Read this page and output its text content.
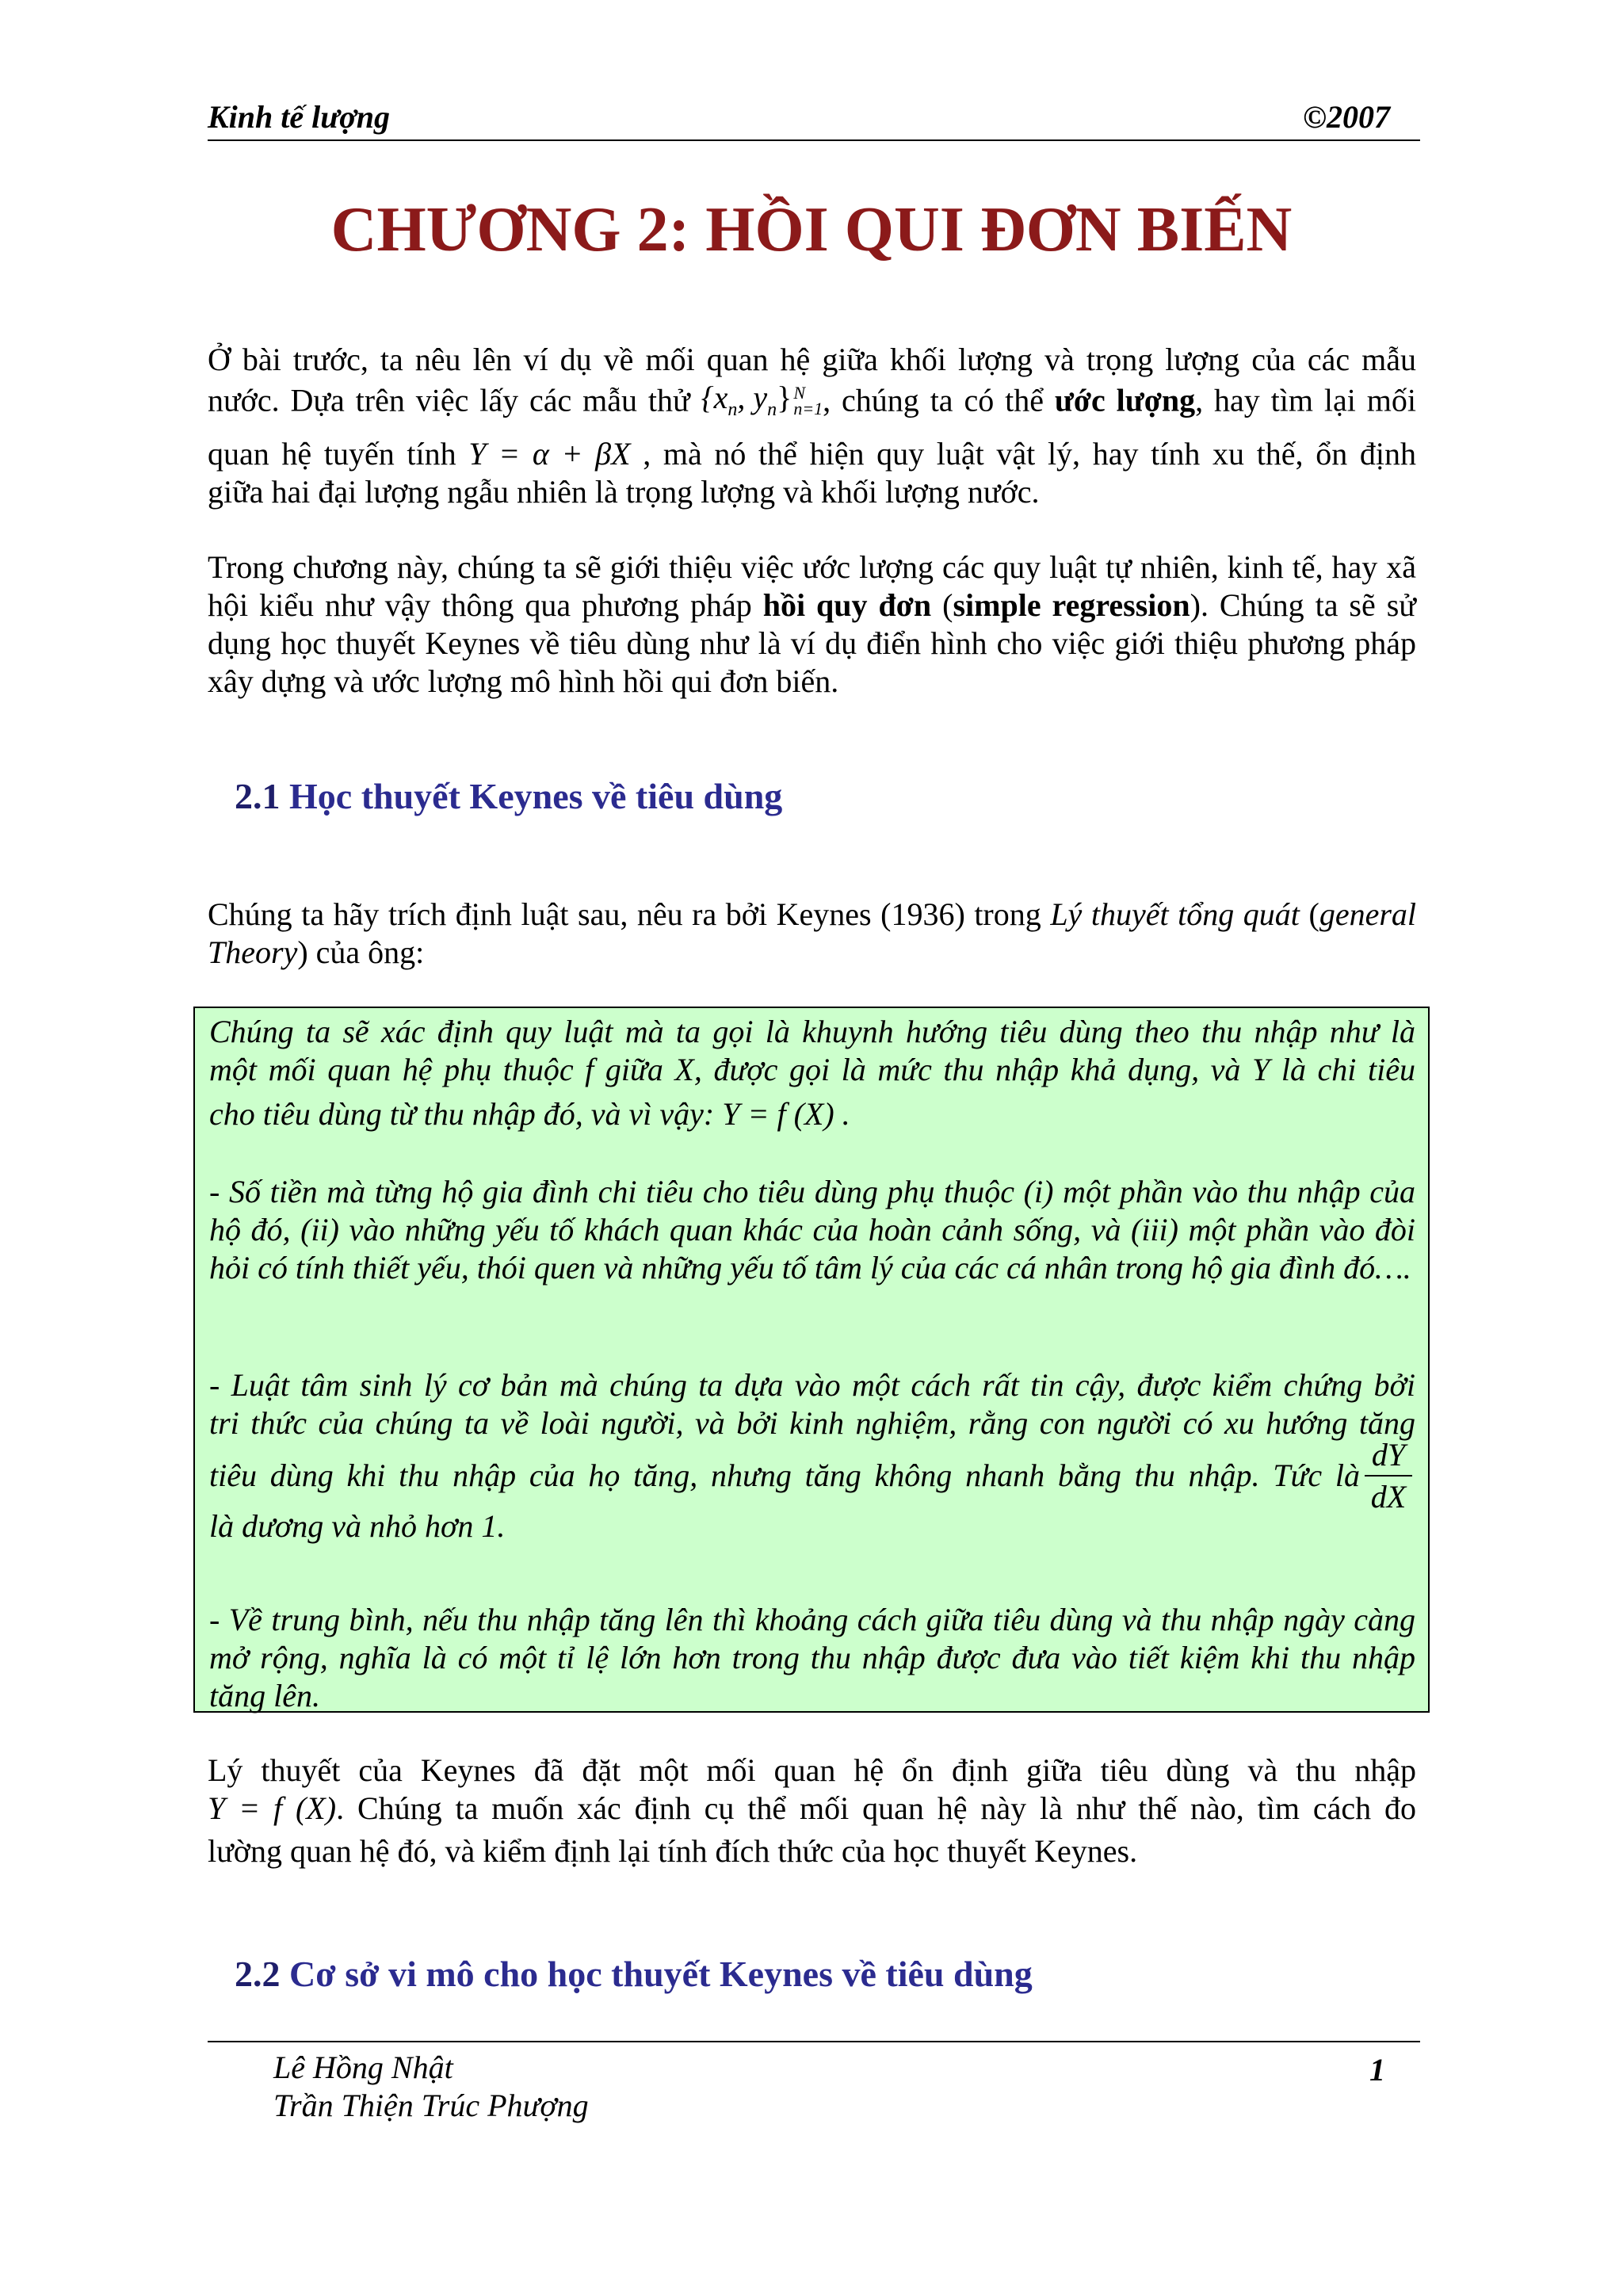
Kinh tế lượng	©2007
CHƯƠNG 2: HỒI QUI ĐƠN BIẾN

Ở bài trước, ta nêu lên ví dụ về mối quan hệ giữa khối lượng và trọng lượng của các mẫu

nước. Dựa trên việc lấy các mẫu thử {$x_n$, $y_n\}N$
n=1, chúng ta có thể ước lượng, hay tìm lại mối

quan hệ tuyến tính Y = α + βX , mà nó thể hiện quy luật vật lý, hay tính xu thế, ổn định

giữa hai đại lượng ngẫu nhiên là trọng lượng và khối lượng nước.

Trong chương này, chúng ta sẽ giới thiệu việc ước lượng các quy luật tự nhiên, kinh tế, hay xã hội kiểu như vậy thông qua phương pháp hồi quy đơn (simple regression). Chúng ta sẽ sử dụng học thuyết Keynes về tiêu dùng như là ví dụ điển hình cho việc giới thiệu phương pháp xây dựng và ước lượng mô hình hồi qui đơn biến.

2.1 Học thuyết Keynes về tiêu dùng

Chúng ta hãy trích định luật sau, nêu ra bởi Keynes (1936) trong Lý thuyết tổng quát (general Theory) của ông:

Chúng ta sẽ xác định quy luật mà ta gọi là khuynh hướng tiêu dùng theo thu nhập như là
một mối quan hệ phụ thuộc f giữa X, được gọi là mức thu nhập khả dụng, và Y là chi tiêu
cho tiêu dùng từ thu nhập đó, và vì vậy: Y = f (X) .
- Số tiền mà từng hộ gia đình chi tiêu cho tiêu dùng phụ thuộc (i) một phần vào thu nhập của hộ đó, (ii) vào những yếu tố khách quan khác của hoàn cảnh sống, và (iii) một phần vào đòi hỏi có tính thiết yếu, thói quen và những yếu tố tâm lý của các cá nhân trong hộ gia đình đó….
- Luật tâm sinh lý cơ bản mà chúng ta dựa vào một cách rất tin cậy, được kiểm chứng bởi
tri thức của chúng ta về loài người, và bởi kinh nghiệm, rằng con người có xu hướng tăng
tiêu dùng khi thu nhập của họ tăng, nhưng tăng không nhanh bằng thu nhập. Tức là
là dương và nhỏ hơn 1.
dY
dX
- Về trung bình, nếu thu nhập tăng lên thì khoảng cách giữa tiêu dùng và thu nhập ngày càng mở rộng, nghĩa là có một tỉ lệ lớn hơn trong thu nhập được đưa vào tiết kiệm khi thu nhập tăng lên.

Lý thuyết của Keynes đã đặt một mối quan hệ ổn định giữa tiêu dùng và thu nhập

Y = f (X). Chúng ta muốn xác định cụ thể mối quan hệ này là như thế nào, tìm cách đo

lường quan hệ đó, và kiểm định lại tính đích thức của học thuyết Keynes.

2.2 Cơ sở vi mô cho học thuyết Keynes về tiêu dùng
Lê Hồng Nhật
Trần Thiện Trúc Phượng
1
